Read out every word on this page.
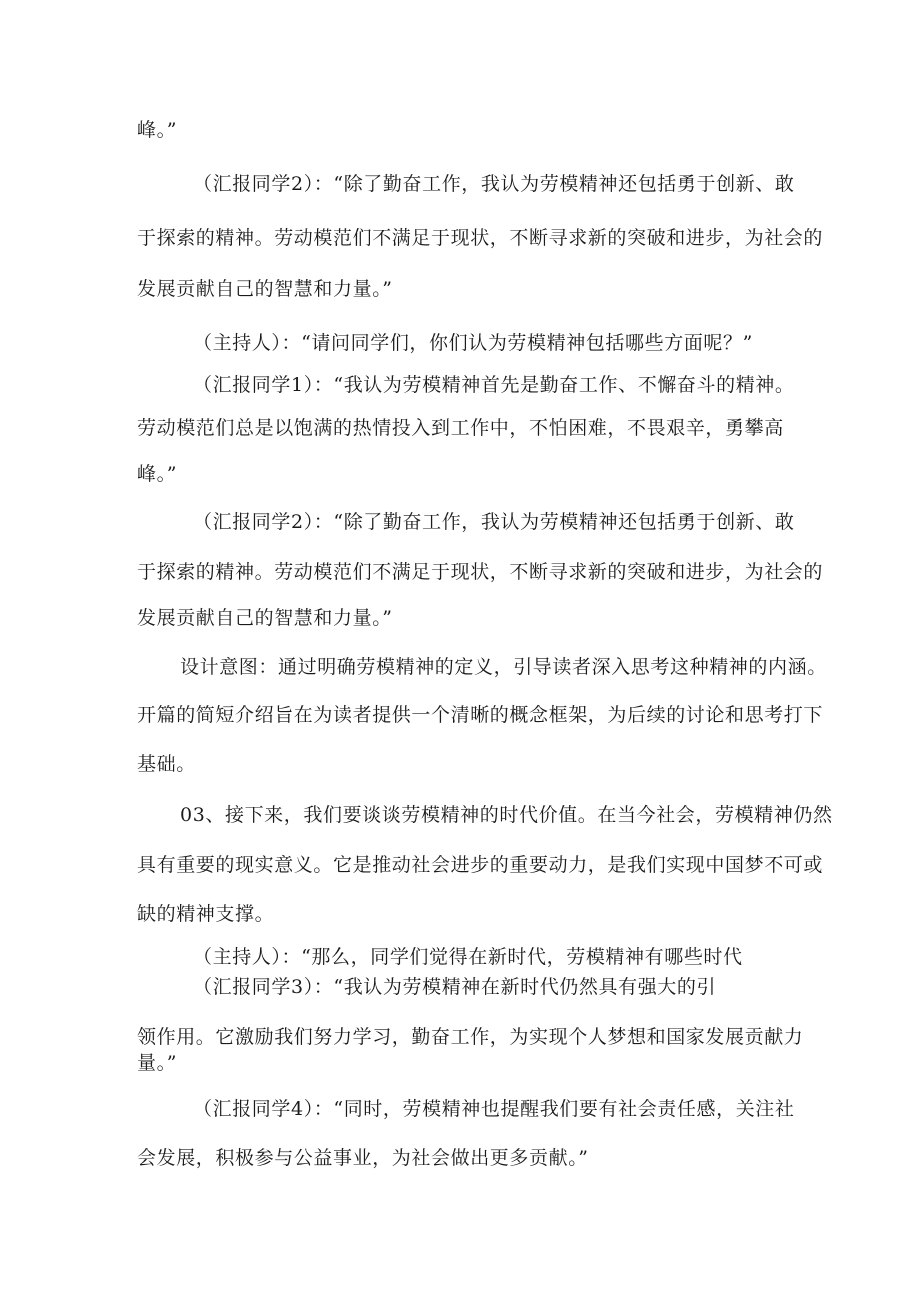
峰。”
（汇报同学2）：“除了勤奋工作，我认为劳模精神还包括勇于创新、敢
于探索的精神。劳动模范们不满足于现状，不断寻求新的突破和进步，为社会的
发展贡献自己的智慧和力量。”
（主持人）：“请问同学们，你们认为劳模精神包括哪些方面呢？”
（汇报同学1）：“我认为劳模精神首先是勤奋工作、不懈奋斗的精神。
劳动模范们总是以饱满的热情投入到工作中，不怕困难，不畏艰辛，勇攀高
峰。”
（汇报同学2）：“除了勤奋工作，我认为劳模精神还包括勇于创新、敢
于探索的精神。劳动模范们不满足于现状，不断寻求新的突破和进步，为社会的
发展贡献自己的智慧和力量。”
设计意图：通过明确劳模精神的定义，引导读者深入思考这种精神的内涵。
开篇的简短介绍旨在为读者提供一个清晰的概念框架，为后续的讨论和思考打下
基础。
03、接下来，我们要谈谈劳模精神的时代价值。在当今社会，劳模精神仍然
具有重要的现实意义。它是推动社会进步的重要动力，是我们实现中国梦不可或
缺的精神支撑。
（主持人）：“那么，同学们觉得在新时代，劳模精神有哪些时代
（汇报同学3）：“我认为劳模精神在新时代仍然具有强大的引
领作用。它激励我们努力学习，勤奋工作，为实现个人梦想和国家发展贡献力
量。”
（汇报同学4）：“同时，劳模精神也提醒我们要有社会责任感，关注社
会发展，积极参与公益事业，为社会做出更多贡献。”
